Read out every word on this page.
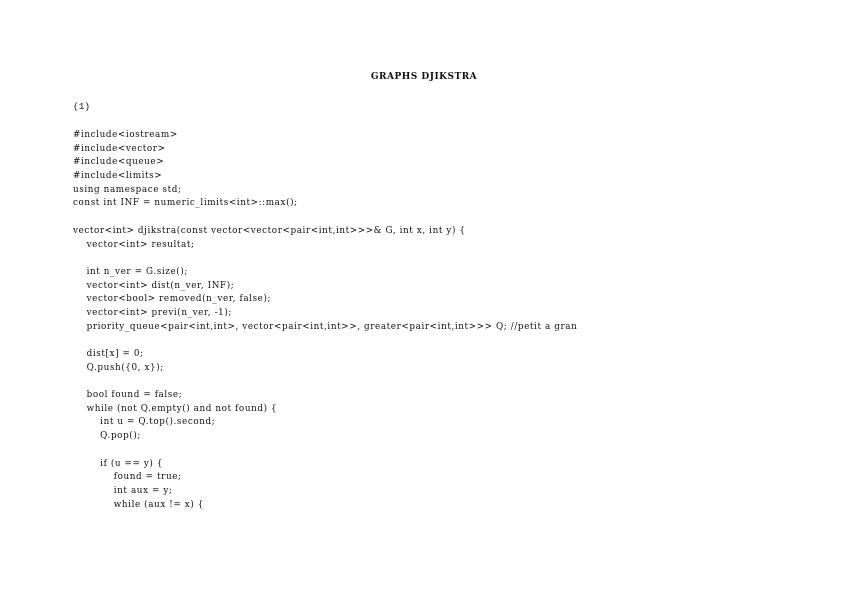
GRAPHS DJIKSTRA
(1)
#include<iostream>
#include<vector>
#include<queue>
#include<limits>
using namespace std;
const int INF = numeric_limits<int>::max();
vector<int> djikstra(const vector<vector<pair<int,int>>>& G, int x, int y) {
vector<int> resultat;
int n_ver = G.size();
vector<int> dist(n_ver, INF);
vector<bool> removed(n_ver, false);
vector<int> previ(n_ver, -1);
priority_queue<pair<int,int>, vector<pair<int,int>>, greater<pair<int,int>>> Q; //petit a gran
dist[x] = 0;
Q.push({0, x});
bool found = false;
while (not Q.empty() and not found) {
int u = Q.top().second;
Q.pop();
if (u == y) {
found = true;
int aux = y;
while (aux != x) {
